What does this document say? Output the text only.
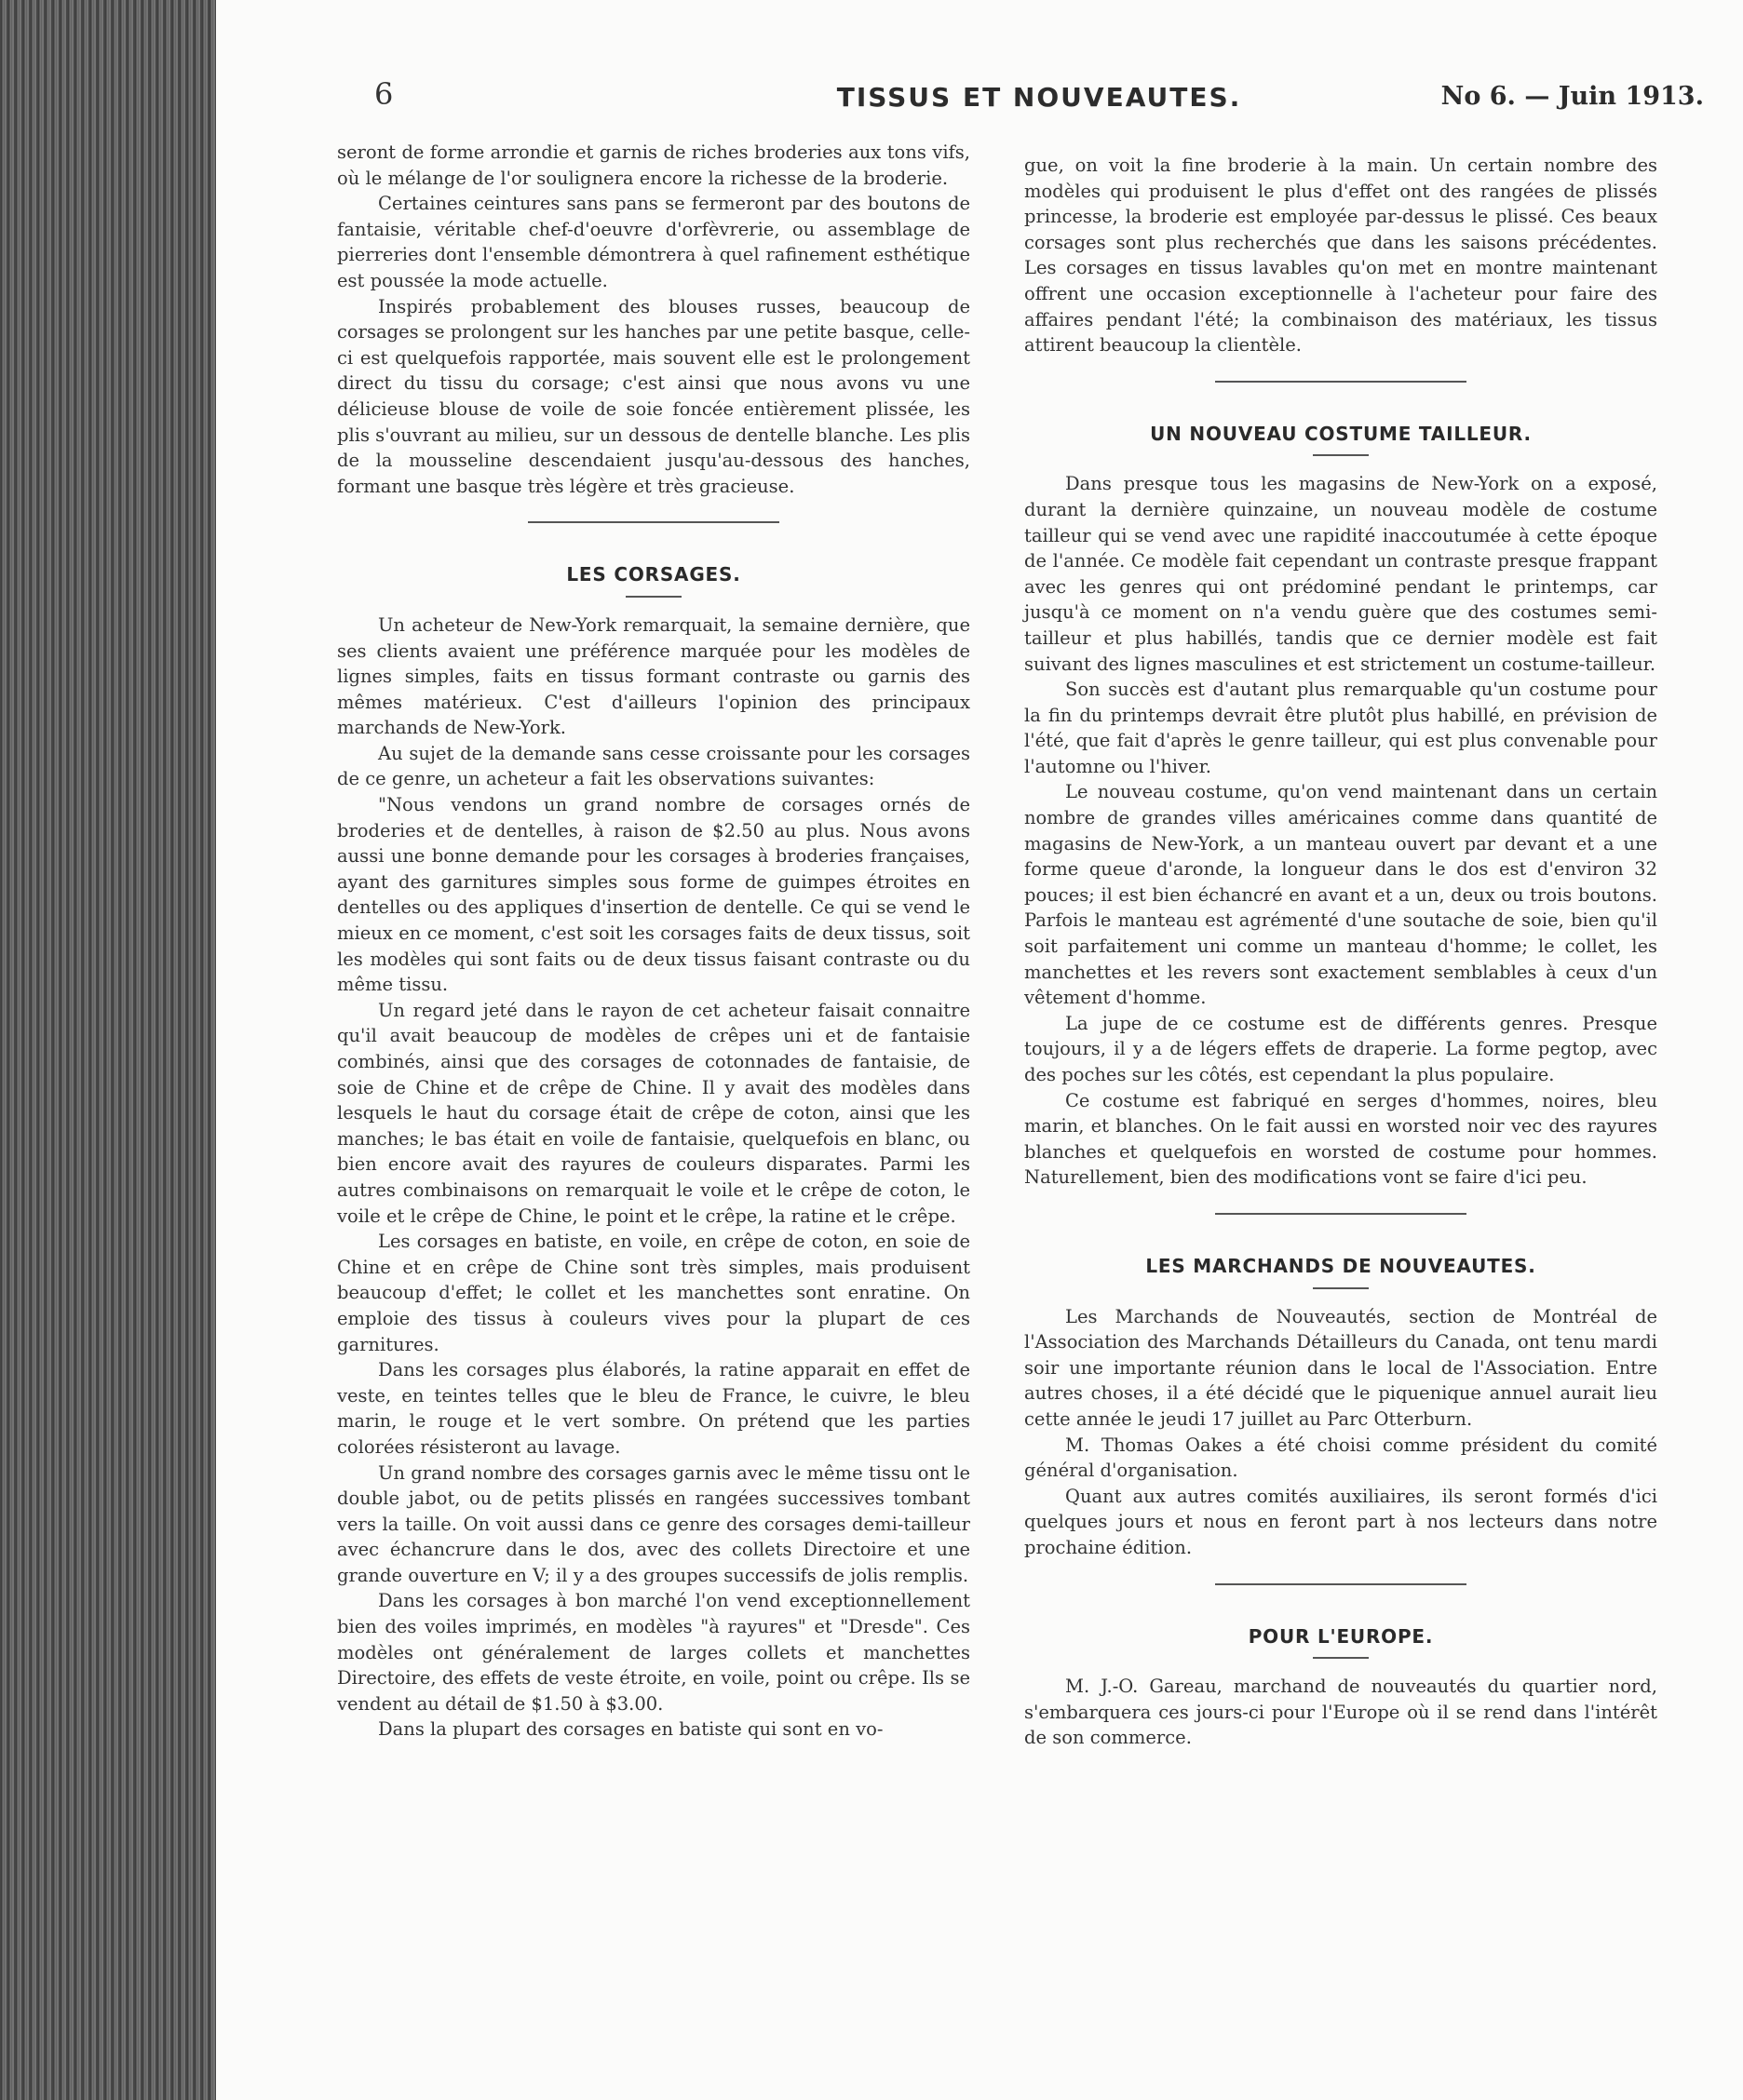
6	TISSUS ET NOUVEAUTES.	No 6. — Juin 1913.

seront de forme arrondie et garnis de riches broderies aux tons vifs, où le mélange de l'or soulignera encore la richesse de la broderie.

Certaines ceintures sans pans se fermeront par des boutons de fantaisie, véritable chef-d'oeuvre d'orfèvrerie, ou assemblage de pierreries dont l'ensemble démontrera à quel rafinement esthétique est poussée la mode actuelle.

Inspirés probablement des blouses russes, beaucoup de corsages se prolongent sur les hanches par une petite basque, celle-ci est quelquefois rapportée, mais souvent elle est le prolongement direct du tissu du corsage; c'est ainsi que nous avons vu une délicieuse blouse de voile de soie foncée entièrement plissée, les plis s'ouvrant au milieu, sur un dessous de dentelle blanche. Les plis de la mousseline descendaient jusqu'au-dessous des hanches, formant une basque très légère et très gracieuse.

LES CORSAGES.

Un acheteur de New-York remarquait, la semaine dernière, que ses clients avaient une préférence marquée pour les modèles de lignes simples, faits en tissus formant contraste ou garnis des mêmes matérieux. C'est d'ailleurs l'opinion des principaux marchands de New-York.

Au sujet de la demande sans cesse croissante pour les corsages de ce genre, un acheteur a fait les observations suivantes:

"Nous vendons un grand nombre de corsages ornés de broderies et de dentelles, à raison de $2.50 au plus. Nous avons aussi une bonne demande pour les corsages à broderies françaises, ayant des garnitures simples sous forme de guimpes étroites en dentelles ou des appliques d'insertion de dentelle. Ce qui se vend le mieux en ce moment, c'est soit les corsages faits de deux tissus, soit les modèles qui sont faits ou de deux tissus faisant contraste ou du même tissu.

Un regard jeté dans le rayon de cet acheteur faisait connaitre qu'il avait beaucoup de modèles de crêpes uni et de fantaisie combinés, ainsi que des corsages de cotonnades de fantaisie, de soie de Chine et de crêpe de Chine. Il y avait des modèles dans lesquels le haut du corsage était de crêpe de coton, ainsi que les manches; le bas était en voile de fantaisie, quelquefois en blanc, ou bien encore avait des rayures de couleurs disparates. Parmi les autres combinaisons on remarquait le voile et le crêpe de coton, le voile et le crêpe de Chine, le point et le crêpe, la ratine et le crêpe.

Les corsages en batiste, en voile, en crêpe de coton, en soie de Chine et en crêpe de Chine sont très simples, mais produisent beaucoup d'effet; le collet et les manchettes sont enratine. On emploie des tissus à couleurs vives pour la plupart de ces garnitures.

Dans les corsages plus élaborés, la ratine apparait en effet de veste, en teintes telles que le bleu de France, le cuivre, le bleu marin, le rouge et le vert sombre. On prétend que les parties colorées résisteront au lavage.

Un grand nombre des corsages garnis avec le même tissu ont le double jabot, ou de petits plissés en rangées successives tombant vers la taille. On voit aussi dans ce genre des corsages demi-tailleur avec échancrure dans le dos, avec des collets Directoire et une grande ouverture en V; il y a des groupes successifs de jolis remplis.

Dans les corsages à bon marché l'on vend exceptionnellement bien des voiles imprimés, en modèles "à rayures" et "Dresde". Ces modèles ont généralement de larges collets et manchettes Directoire, des effets de veste étroite, en voile, point ou crêpe. Ils se vendent au détail de $1.50 à $3.00.

Dans la plupart des corsages en batiste qui sont en vo-

gue, on voit la fine broderie à la main. Un certain nombre des modèles qui produisent le plus d'effet ont des rangées de plissés princesse, la broderie est employée par-dessus le plissé. Ces beaux corsages sont plus recherchés que dans les saisons précédentes. Les corsages en tissus lavables qu'on met en montre maintenant offrent une occasion exceptionnelle à l'acheteur pour faire des affaires pendant l'été; la combinaison des matériaux, les tissus attirent beaucoup la clientèle.

UN NOUVEAU COSTUME TAILLEUR.

Dans presque tous les magasins de New-York on a exposé, durant la dernière quinzaine, un nouveau modèle de costume tailleur qui se vend avec une rapidité inaccoutumée à cette époque de l'année. Ce modèle fait cependant un contraste presque frappant avec les genres qui ont prédominé pendant le printemps, car jusqu'à ce moment on n'a vendu guère que des costumes semi-tailleur et plus habillés, tandis que ce dernier modèle est fait suivant des lignes masculines et est strictement un costume-tailleur.

Son succès est d'autant plus remarquable qu'un costume pour la fin du printemps devrait être plutôt plus habillé, en prévision de l'été, que fait d'après le genre tailleur, qui est plus convenable pour l'automne ou l'hiver.

Le nouveau costume, qu'on vend maintenant dans un certain nombre de grandes villes américaines comme dans quantité de magasins de New-York, a un manteau ouvert par devant et a une forme queue d'aronde, la longueur dans le dos est d'environ 32 pouces; il est bien échancré en avant et a un, deux ou trois boutons. Parfois le manteau est agrémenté d'une soutache de soie, bien qu'il soit parfaitement uni comme un manteau d'homme; le collet, les manchettes et les revers sont exactement semblables à ceux d'un vêtement d'homme.

La jupe de ce costume est de différents genres. Presque toujours, il y a de légers effets de draperie. La forme pegtop, avec des poches sur les côtés, est cependant la plus populaire.

Ce costume est fabriqué en serges d'hommes, noires, bleu marin, et blanches. On le fait aussi en worsted noir vec des rayures blanches et quelquefois en worsted de costume pour hommes. Naturellement, bien des modifications vont se faire d'ici peu.

LES MARCHANDS DE NOUVEAUTES.

Les Marchands de Nouveautés, section de Montréal de l'Association des Marchands Détailleurs du Canada, ont tenu mardi soir une importante réunion dans le local de l'Association. Entre autres choses, il a été décidé que le piquenique annuel aurait lieu cette année le jeudi 17 juillet au Parc Otterburn.

M. Thomas Oakes a été choisi comme président du comité général d'organisation.

Quant aux autres comités auxiliaires, ils seront formés d'ici quelques jours et nous en feront part à nos lecteurs dans notre prochaine édition.

POUR L'EUROPE.

M. J.-O. Gareau, marchand de nouveautés du quartier nord, s'embarquera ces jours-ci pour l'Europe où il se rend dans l'intérêt de son commerce.
